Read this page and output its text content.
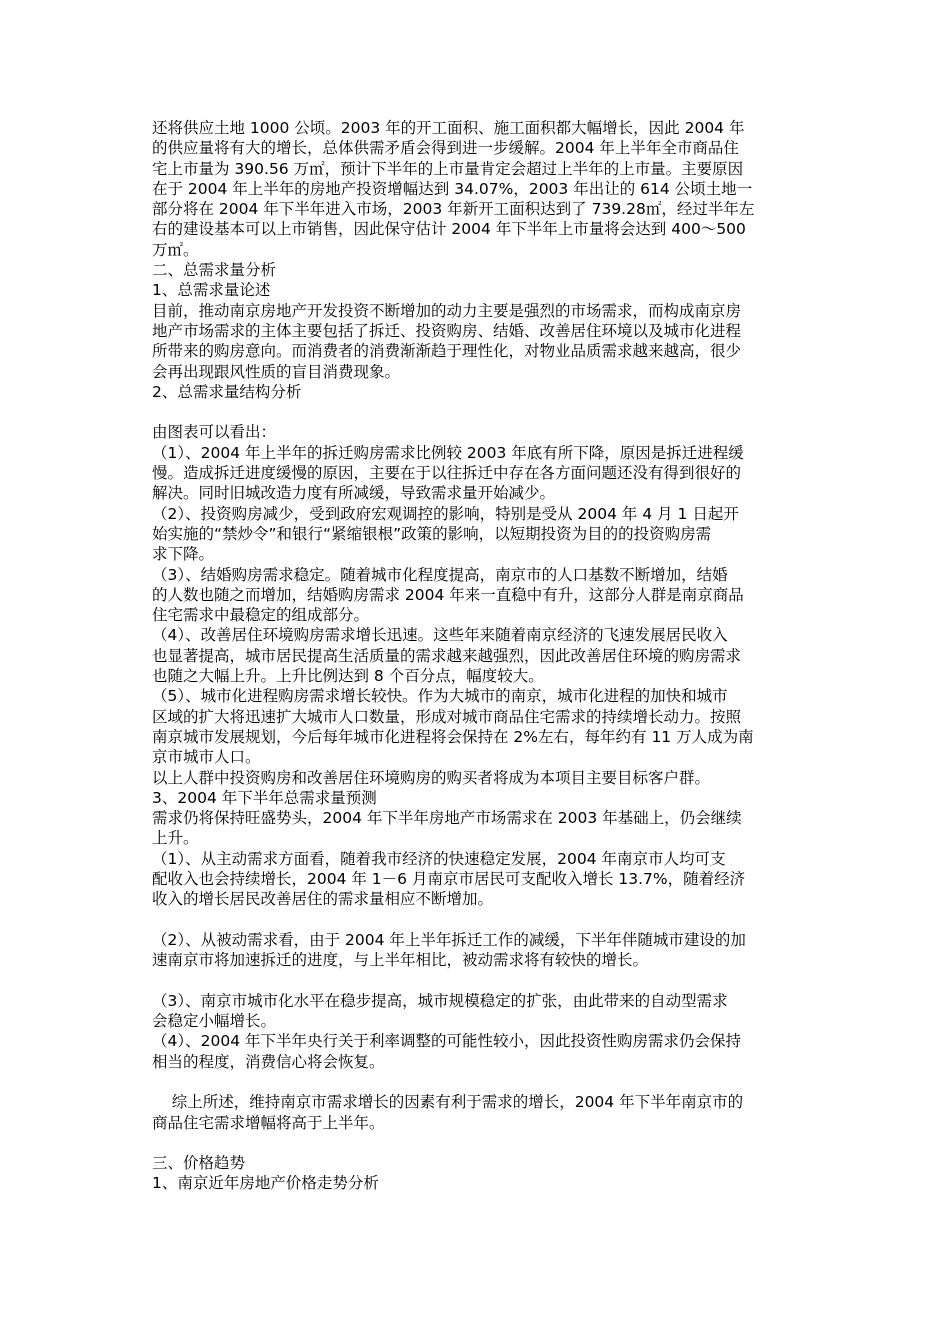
还将供应土地 1000 公顷。2003 年的开工面积、施工面积都大幅增长，因此 2004 年
的供应量将有大的增长，总体供需矛盾会得到进一步缓解。2004 年上半年全市商品住
宅上市量为 390.56 万㎡，预计下半年的上市量肯定会超过上半年的上市量。主要原因
在于 2004 年上半年的房地产投资增幅达到 34.07%，2003 年出让的 614 公顷土地一
部分将在 2004 年下半年进入市场，2003 年新开工面积达到了 739.28㎡，经过半年左
右的建设基本可以上市销售，因此保守估计 2004 年下半年上市量将会达到 400～500
万㎡。
二、总需求量分析
1、总需求量论述
目前，推动南京房地产开发投资不断增加的动力主要是强烈的市场需求，而构成南京房
地产市场需求的主体主要包括了拆迁、投资购房、结婚、改善居住环境以及城市化进程
所带来的购房意向。而消费者的消费渐渐趋于理性化，对物业品质需求越来越高，很少
会再出现跟风性质的盲目消费现象。
2、总需求量结构分析
由图表可以看出：
（1）、2004 年上半年的拆迁购房需求比例较 2003 年底有所下降，原因是拆迁进程缓
慢。造成拆迁进度缓慢的原因，主要在于以往拆迁中存在各方面问题还没有得到很好的
解决。同时旧城改造力度有所减缓，导致需求量开始减少。
（2）、投资购房减少，受到政府宏观调控的影响，特别是受从 2004 年 4 月 1 日起开
始实施的“禁炒令”和银行“紧缩银根”政策的影响，以短期投资为目的的投资购房需
求下降。
（3）、结婚购房需求稳定。随着城市化程度提高，南京市的人口基数不断增加，结婚
的人数也随之而增加，结婚购房需求 2004 年来一直稳中有升，这部分人群是南京商品
住宅需求中最稳定的组成部分。
（4）、改善居住环境购房需求增长迅速。这些年来随着南京经济的飞速发展居民收入
也显著提高，城市居民提高生活质量的需求越来越强烈，因此改善居住环境的购房需求
也随之大幅上升。上升比例达到 8 个百分点，幅度较大。
（5）、城市化进程购房需求增长较快。作为大城市的南京，城市化进程的加快和城市
区域的扩大将迅速扩大城市人口数量，形成对城市商品住宅需求的持续增长动力。按照
南京城市发展规划，今后每年城市化进程将会保持在 2%左右，每年约有 11 万人成为南
京市城市人口。
以上人群中投资购房和改善居住环境购房的购买者将成为本项目主要目标客户群。
3、2004 年下半年总需求量预测
需求仍将保持旺盛势头，2004 年下半年房地产市场需求在 2003 年基础上，仍会继续
上升。
（1）、从主动需求方面看，随着我市经济的快速稳定发展，2004 年南京市人均可支
配收入也会持续增长，2004 年 1－6 月南京市居民可支配收入增长 13.7%，随着经济
收入的增长居民改善居住的需求量相应不断增加。
（2）、从被动需求看，由于 2004 年上半年拆迁工作的减缓，下半年伴随城市建设的加
速南京市将加速拆迁的进度，与上半年相比，被动需求将有较快的增长。
（3）、南京市城市化水平在稳步提高，城市规模稳定的扩张，由此带来的自动型需求
会稳定小幅增长。
（4）、2004 年下半年央行关于利率调整的可能性较小，因此投资性购房需求仍会保持
相当的程度，消费信心将会恢复。
综上所述，维持南京市需求增长的因素有利于需求的增长，2004 年下半年南京市的
商品住宅需求增幅将高于上半年。
三、价格趋势
1、南京近年房地产价格走势分析
